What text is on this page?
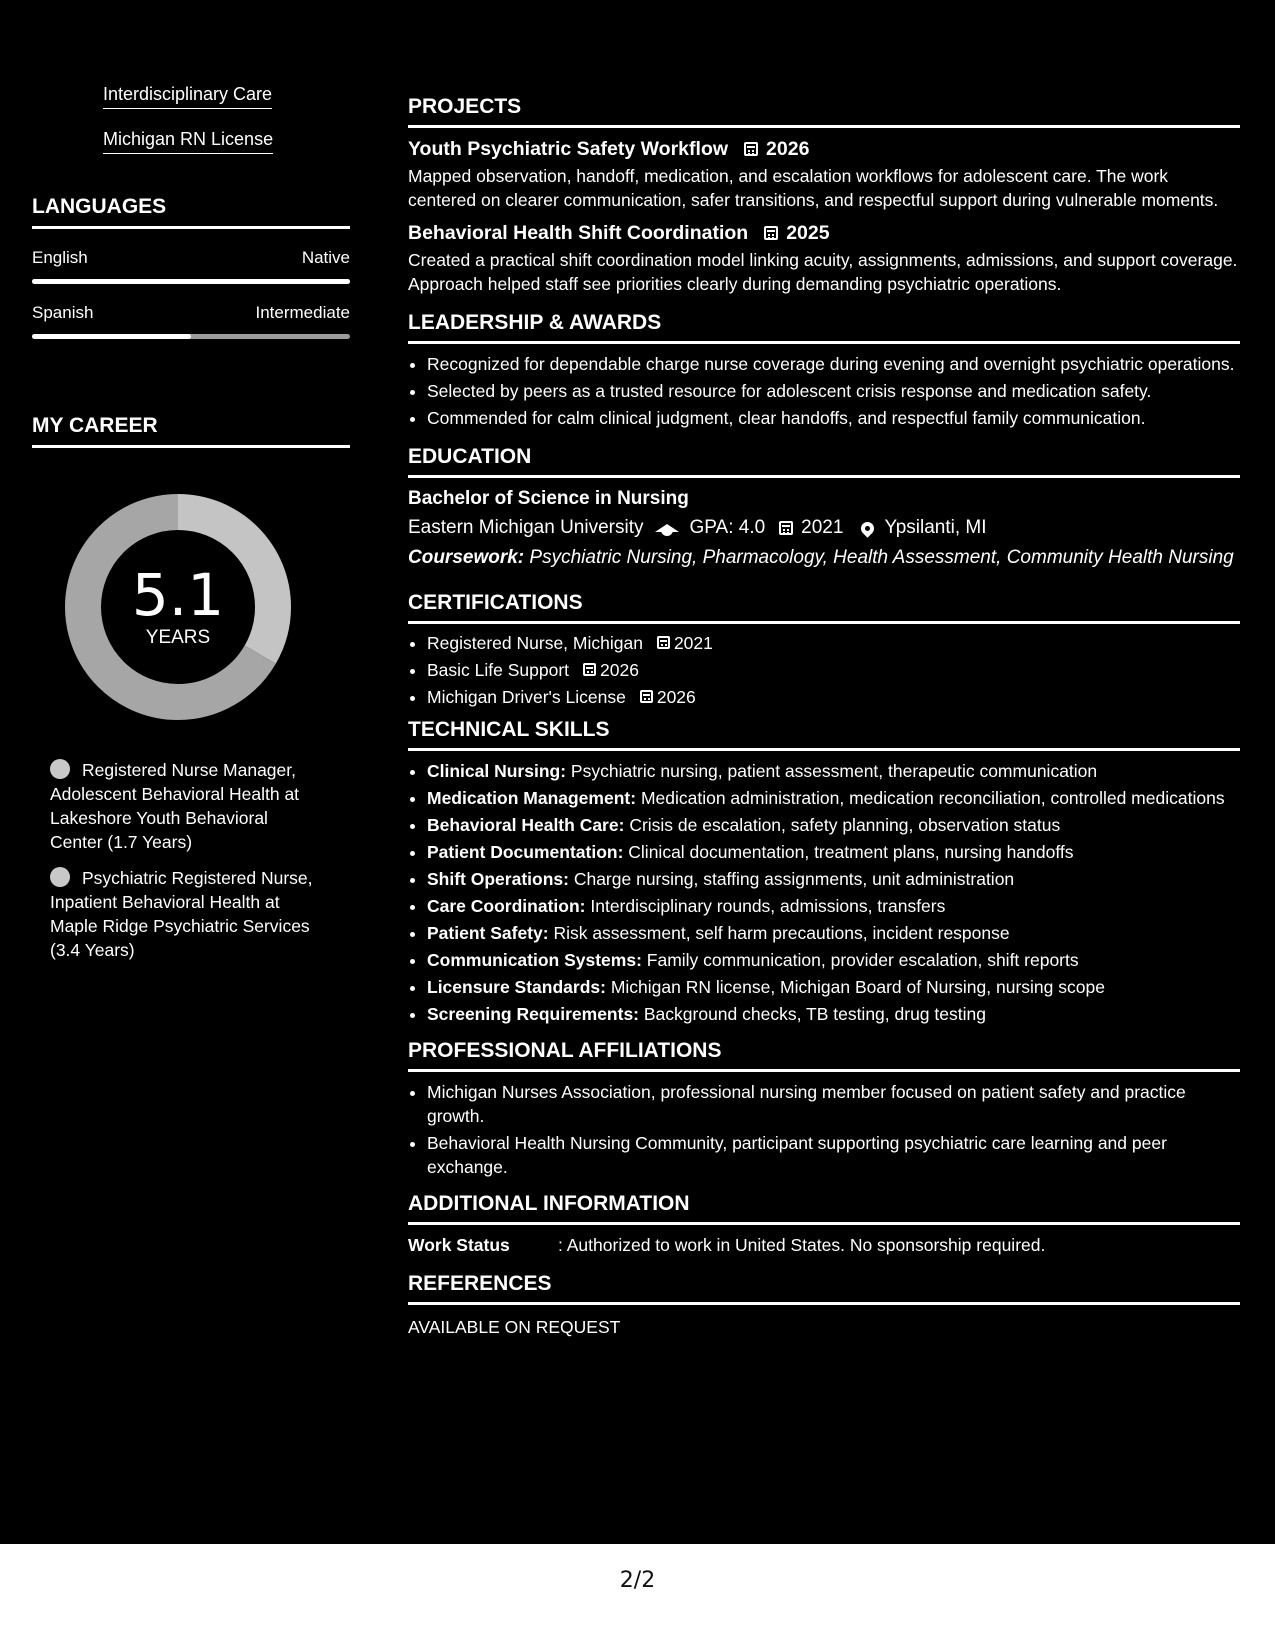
Interdisciplinary Care
Michigan RN License
LANGUAGES
English	Native
Spanish	Intermediate
MY CAREER
5.1
YEARS
Registered Nurse Manager, Adolescent Behavioral Health at Lakeshore Youth Behavioral Center (1.7 Years)
Psychiatric Registered Nurse, Inpatient Behavioral Health at Maple Ridge Psychiatric Services (3.4 Years)
PROJECTS
Youth Psychiatric Safety Workflow 2026

Mapped observation, handoff, medication, and escalation workflows for adolescent care. The work centered on clearer communication, safer transitions, and respectful support during vulnerable moments.

Behavioral Health Shift Coordination 2025

Created a practical shift coordination model linking acuity, assignments, admissions, and support coverage. Approach helped staff see priorities clearly during demanding psychiatric operations.

LEADERSHIP & AWARDS
• Recognized for dependable charge nurse coverage during evening and overnight psychiatric operations.
• Selected by peers as a trusted resource for adolescent crisis response and medication safety.
• Commended for calm clinical judgment, clear handoffs, and respectful family communication.
EDUCATION
Bachelor of Science in Nursing
Eastern Michigan University GPA: 4.0 2021 Ypsilanti, MI
Coursework: Psychiatric Nursing, Pharmacology, Health Assessment, Community Health Nursing
CERTIFICATIONS
• Registered Nurse, Michigan 2021
• Basic Life Support 2026
• Michigan Driver's License 2026
TECHNICAL SKILLS
• Clinical Nursing: Psychiatric nursing, patient assessment, therapeutic communication
• Medication Management: Medication administration, medication reconciliation, controlled medications
• Behavioral Health Care: Crisis de escalation, safety planning, observation status
• Patient Documentation: Clinical documentation, treatment plans, nursing handoffs
• Shift Operations: Charge nursing, staffing assignments, unit administration
• Care Coordination: Interdisciplinary rounds, admissions, transfers
• Patient Safety: Risk assessment, self harm precautions, incident response
• Communication Systems: Family communication, provider escalation, shift reports
• Licensure Standards: Michigan RN license, Michigan Board of Nursing, nursing scope
• Screening Requirements: Background checks, TB testing, drug testing
PROFESSIONAL AFFILIATIONS
• Michigan Nurses Association, professional nursing member focused on patient safety and practice growth.
• Behavioral Health Nursing Community, participant supporting psychiatric care learning and peer exchange.
ADDITIONAL INFORMATION
Work Status	: Authorized to work in United States. No sponsorship required.
REFERENCES
AVAILABLE ON REQUEST
2/2
